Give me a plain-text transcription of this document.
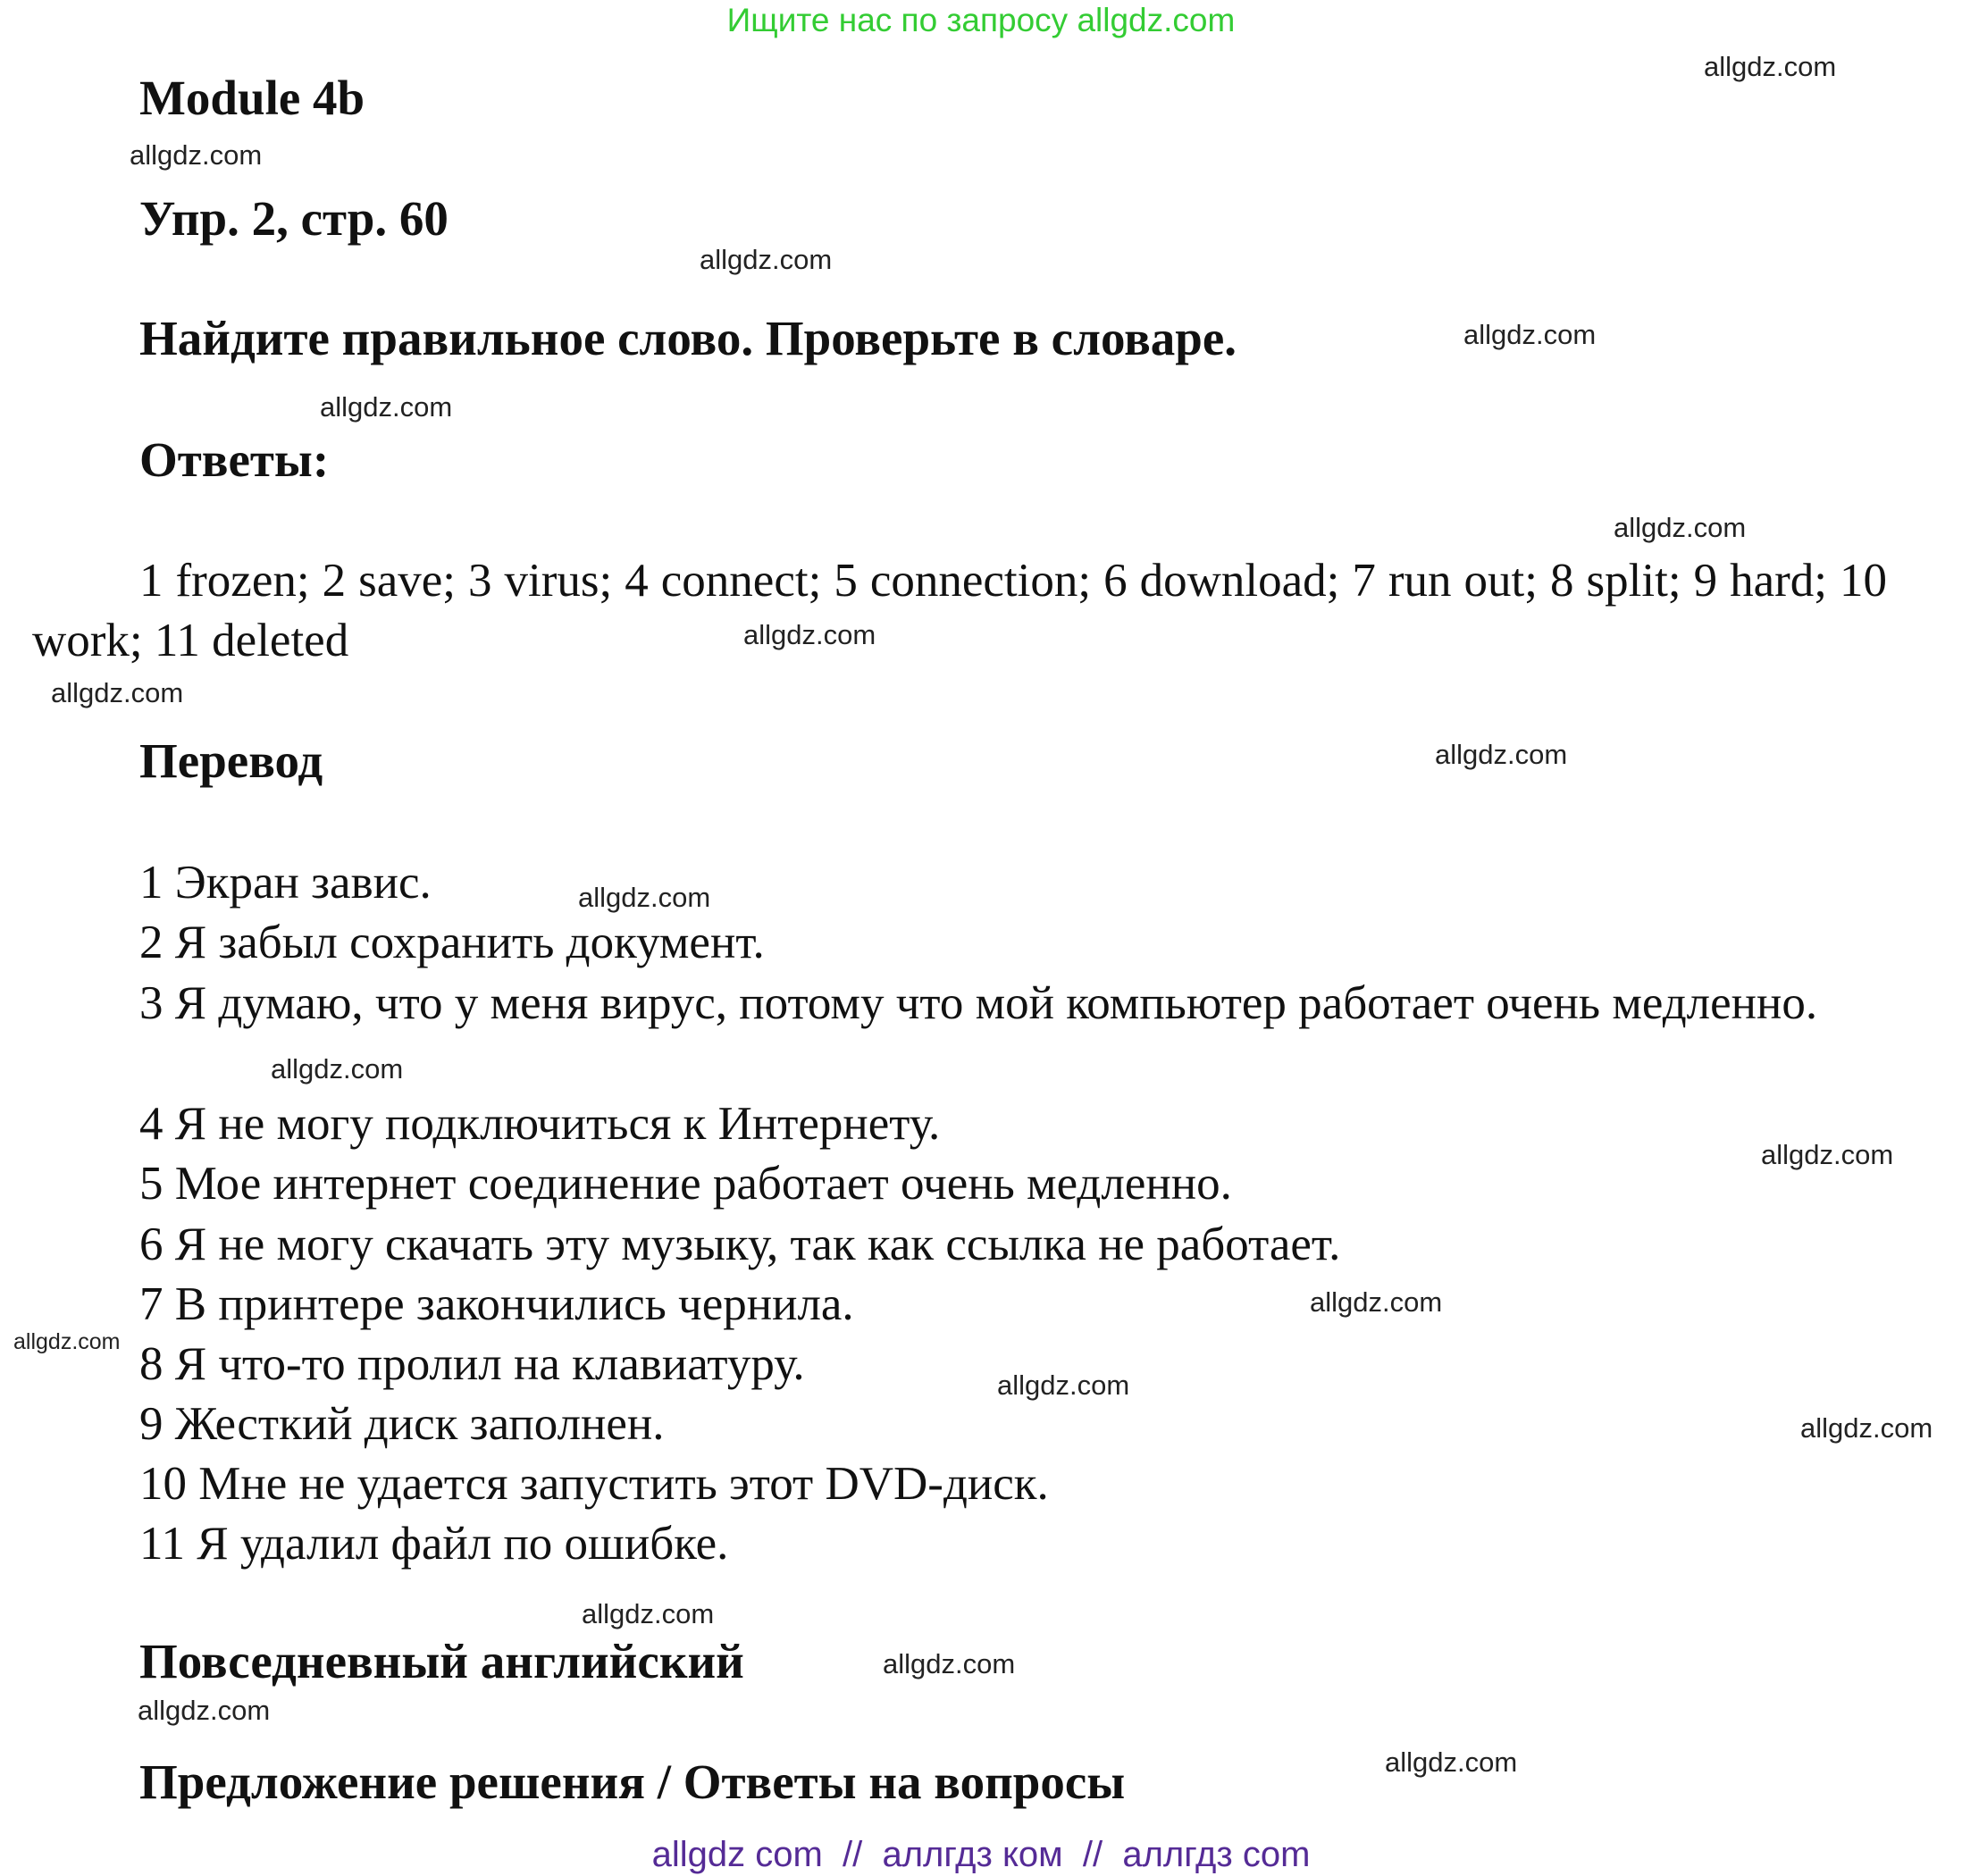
Ищите нас по запросу allgdz.com
Module 4b
Упр. 2, стр. 60
Найдите правильное слово. Проверьте в словаре.
Ответы:

1 frozen; 2 save; 3 virus; 4 connect; 5 connection; 6 download; 7 run out; 8 split; 9 hard; 10 work; 11 deleted

Перевод
1 Экран завис.
2 Я забыл сохранить документ.

3 Я думаю, что у меня вирус, потому что мой компьютер работает очень медленно.

4 Я не могу подключиться к Интернету.
5 Мое интернет соединение работает очень медленно.
6 Я не могу скачать эту музыку, так как ссылка не работает.
7 В принтере закончились чернила.
8 Я что-то пролил на клавиатуру.
9 Жесткий диск заполнен.
10 Мне не удается запустить этот DVD-диск.
11 Я удалил файл по ошибке.
Повседневный английский
Предложение решения / Ответы на вопросы
allgdz.com
allgdz.com
allgdz.com
allgdz.com
allgdz.com
allgdz.com
allgdz.com
allgdz.com
allgdz.com
allgdz.com
allgdz.com
allgdz.com
allgdz.com
allgdz.com
allgdz.com
allgdz.com
allgdz.com
allgdz.com
allgdz.com
allgdz.com
allgdz com  //  аллгдз ком  //  аллгдз com
